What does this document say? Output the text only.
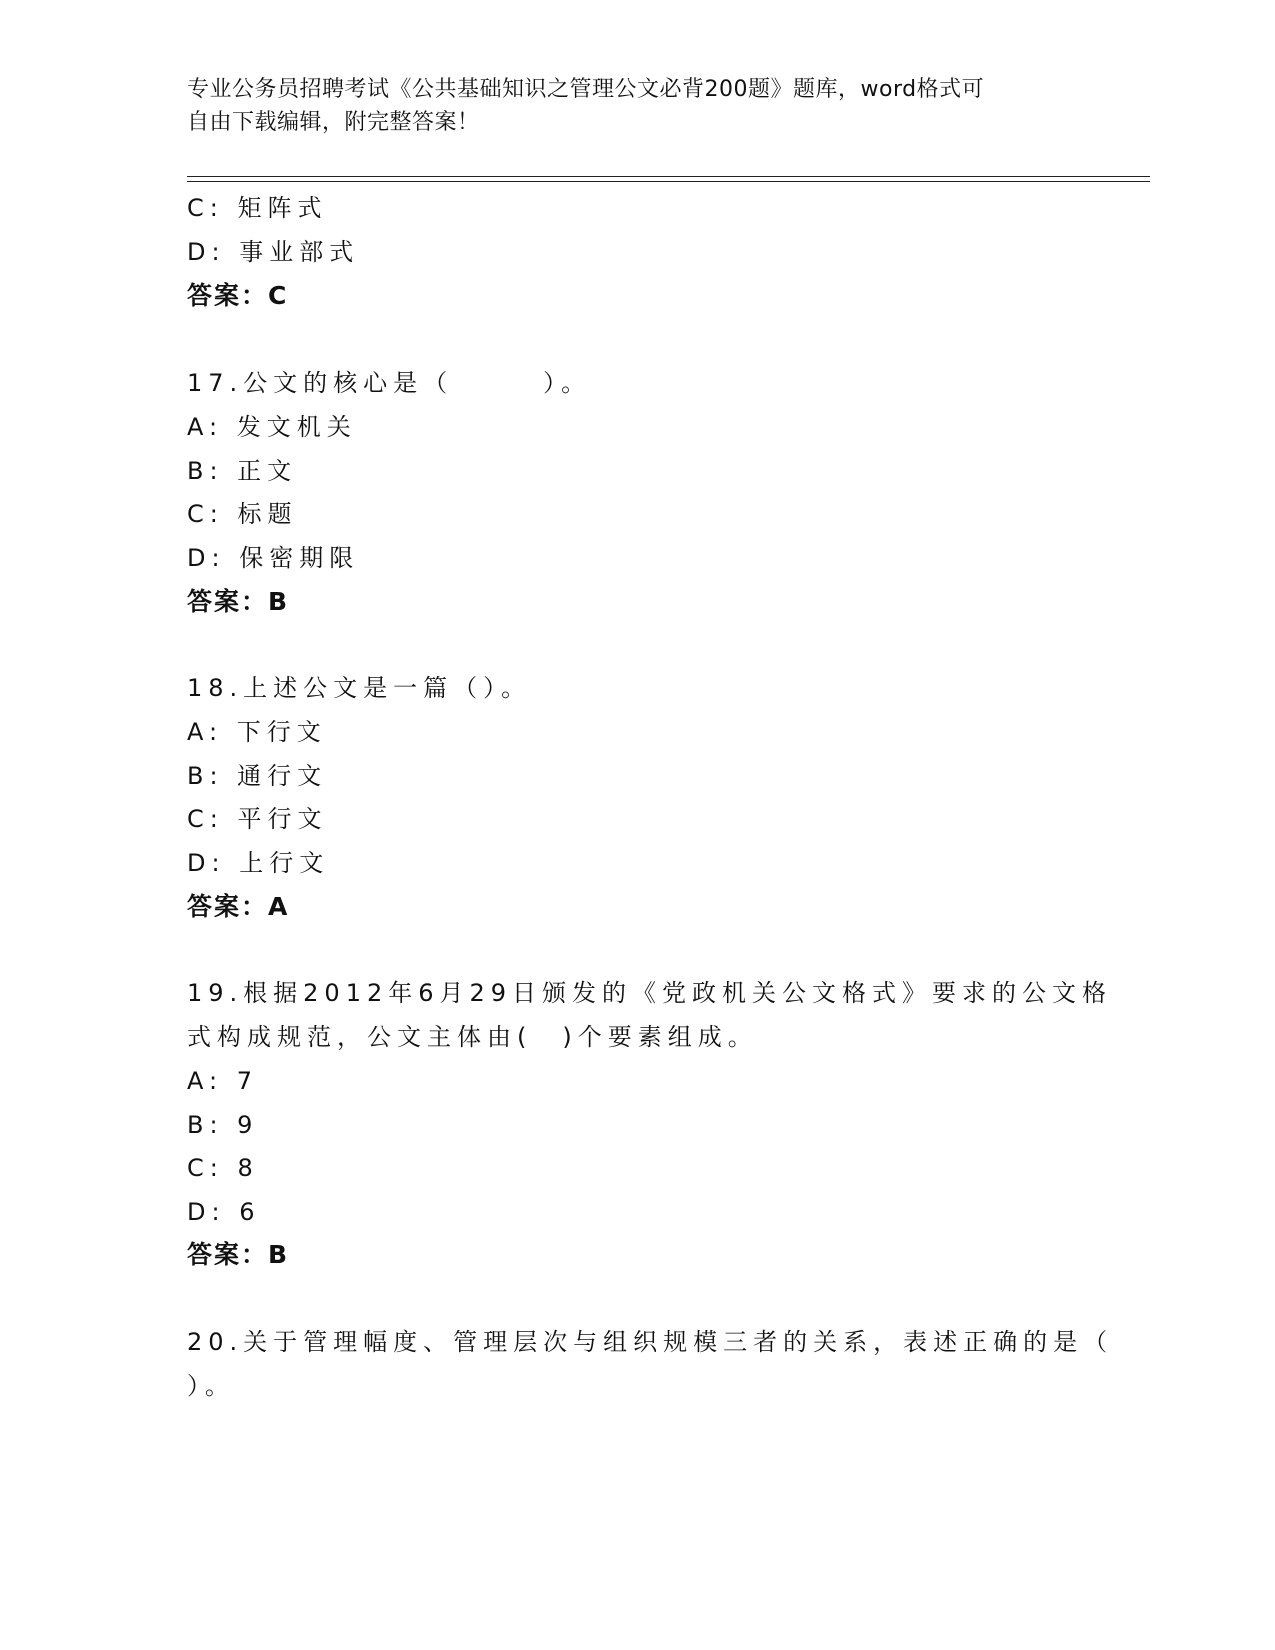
专业公务员招聘考试《公共基础知识之管理公文必背200题》题库，word格式可
自由下载编辑，附完整答案！
C: 矩阵式
D: 事业部式
答案：C
17.公文的核心是（　　　）。
A: 发文机关
B: 正文
C: 标题
D: 保密期限
答案：B
18.上述公文是一篇（）。
A: 下行文
B: 通行文
C: 平行文
D: 上行文
答案：A
19.根据2012年6月29日颁发的《党政机关公文格式》要求的公文格
式构成规范，公文主体由(　)个要素组成。
A: 7
B: 9
C: 8
D: 6
答案：B
20.关于管理幅度、管理层次与组织规模三者的关系，表述正确的是（
）。
